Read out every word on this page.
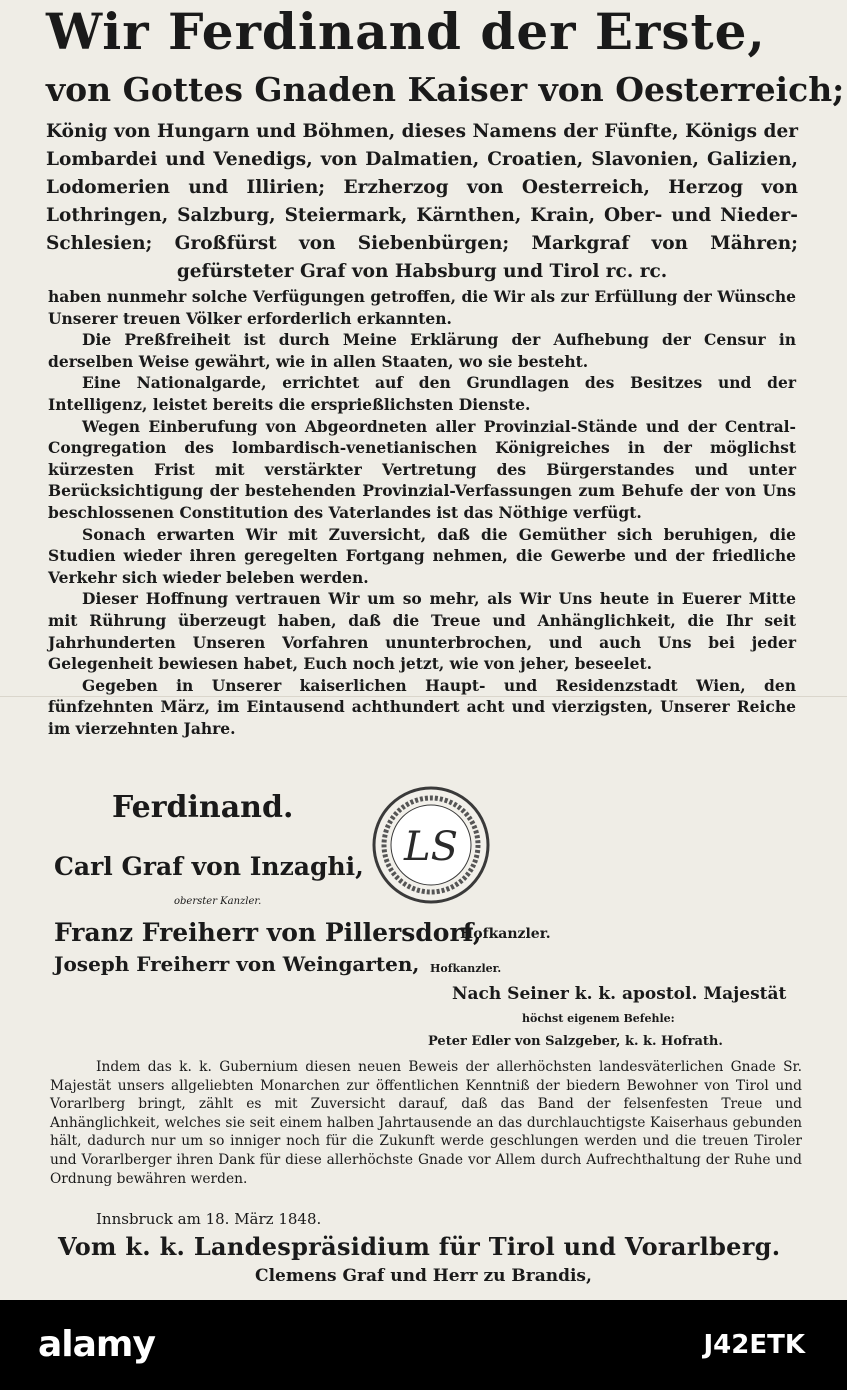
Wir Ferdinand der Erste,
von Gottes Gnaden Kaiser von Oesterreich;
König von Hungarn und Böhmen, dieses Namens der Fünfte, Königs der Lombardei und Venedigs, von Dalmatien, Croatien, Slavonien, Galizien, Lodomerien und Illirien; Erzherzog von Oesterreich, Herzog von Lothringen, Salzburg, Steiermark, Kärnthen, Krain, Ober- und Nieder-Schlesien; Großfürst von Siebenbürgen; Markgraf von Mähren; gefürsteter Graf von Habsburg und Tirol rc. rc.

haben nunmehr solche Verfügungen getroffen, die Wir als zur Erfüllung der Wünsche Unserer treuen Völker erforderlich erkannten.

Die Preßfreiheit ist durch Meine Erklärung der Aufhebung der Censur in derselben Weise gewährt, wie in allen Staaten, wo sie besteht.

Eine Nationalgarde, errichtet auf den Grundlagen des Besitzes und der Intelligenz, leistet bereits die ersprießlichsten Dienste.

Wegen Einberufung von Abgeordneten aller Provinzial-Stände und der Central-Congregation des lombardisch-venetianischen Königreiches in der möglichst kürzesten Frist mit verstärkter Vertretung des Bürgerstandes und unter Berücksichtigung der bestehenden Provinzial-Verfassungen zum Behufe der von Uns beschlossenen Constitution des Vaterlandes ist das Nöthige verfügt.

Sonach erwarten Wir mit Zuversicht, daß die Gemüther sich beruhigen, die Studien wieder ihren geregelten Fortgang nehmen, die Gewerbe und der friedliche Verkehr sich wieder beleben werden.

Dieser Hoffnung vertrauen Wir um so mehr, als Wir Uns heute in Euerer Mitte mit Rührung überzeugt haben, daß die Treue und Anhänglichkeit, die Ihr seit Jahrhunderten Unseren Vorfahren ununterbrochen, und auch Uns bei jeder Gelegenheit bewiesen habet, Euch noch jetzt, wie von jeher, beseelet.

Gegeben in Unserer kaiserlichen Haupt- und Residenzstadt Wien, den fünfzehnten März, im Eintausend achthundert acht und vierzigsten, Unserer Reiche im vierzehnten Jahre.

Ferdinand.
LS
Carl Graf von Inzaghi,
oberster Kanzler.
Franz Freiherr von Pillersdorf,
Hofkanzler.
Joseph Freiherr von Weingarten, Hofkanzler.
Nach Seiner k. k. apostol. Majestät
höchst eigenem Befehle:
Peter Edler von Salzgeber, k. k. Hofrath.

Indem das k. k. Gubernium diesen neuen Beweis der allerhöchsten landesväterlichen Gnade Sr. Majestät unsers allgeliebten Monarchen zur öffentlichen Kenntniß der biedern Bewohner von Tirol und Vorarlberg bringt, zählt es mit Zuversicht darauf, daß das Band der felsenfesten Treue und Anhänglichkeit, welches sie seit einem halben Jahrtausende an das durchlauchtigste Kaiserhaus gebunden hält, dadurch nur um so inniger noch für die Zukunft werde geschlungen werden und die treuen Tiroler und Vorarlberger ihren Dank für diese allerhöchste Gnade vor Allem durch Aufrechthaltung der Ruhe und Ordnung bewähren werden.

Innsbruck am 18. März 1848.
Vom k. k. Landespräsidium für Tirol und Vorarlberg.
Clemens Graf und Herr zu Brandis,
alamy	J42ETK
